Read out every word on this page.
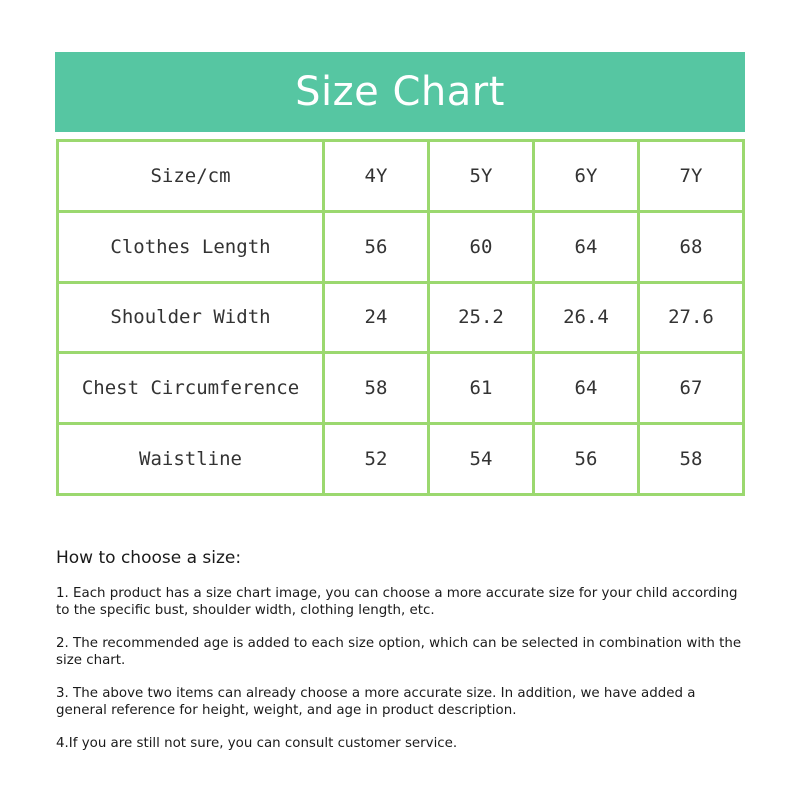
Size Chart
Size/cm	4Y	5Y	6Y	7Y
Clothes Length	56	60	64	68
Shoulder Width	24	25.2	26.4	27.6
Chest Circumference	58	61	64	67
Waistline	52	54	56	58

How to choose a size:

1. Each product has a size chart image, you can choose a more accurate size for your child according to the specific bust, shoulder width, clothing length, etc.

2. The recommended age is added to each size option, which can be selected in combination with the size chart.

3. The above two items can already choose a more accurate size. In addition, we have added a general reference for height, weight, and age in product description.

4.If you are still not sure, you can consult customer service.
